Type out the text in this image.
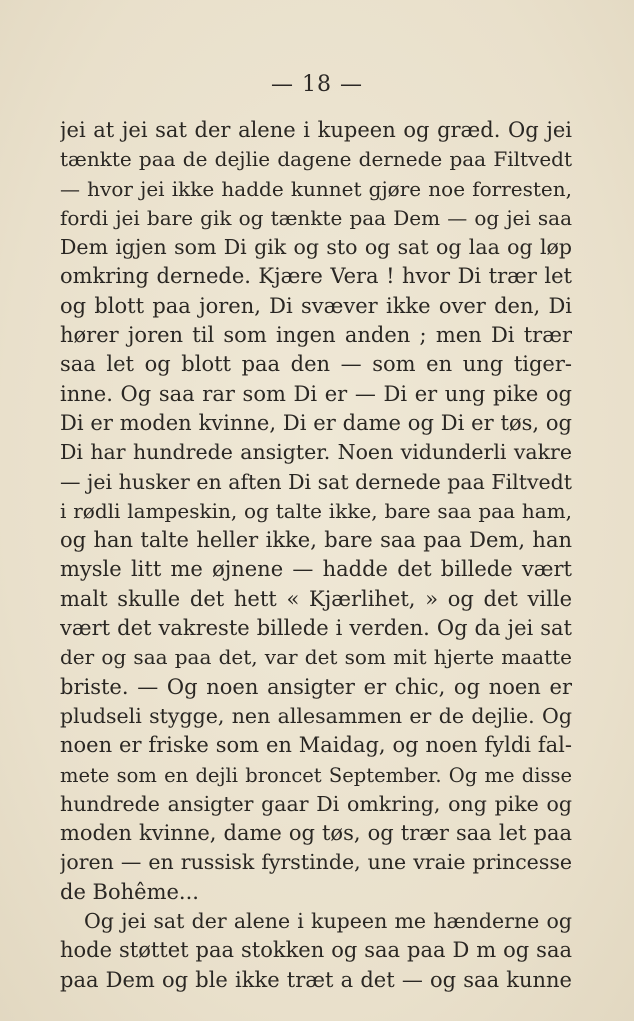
— 18 —
jei at jei sat der alene i kupeen og græd. Og jei
tænkte paa de dejlie dagene dernede paa Filtvedt
— hvor jei ikke hadde kunnet gjøre noe forresten,
fordi jei bare gik og tænkte paa Dem — og jei saa
Dem igjen som Di gik og sto og sat og laa og løp
omkring dernede. Kjære Vera ! hvor Di trær let
og blott paa joren, Di svæver ikke over den, Di
hører joren til som ingen anden ; men Di trær
saa let og blott paa den — som en ung tiger-
inne. Og saa rar som Di er — Di er ung pike og
Di er moden kvinne, Di er dame og Di er tøs, og
Di har hundrede ansigter. Noen vidunderli vakre
— jei husker en aften Di sat dernede paa Filtvedt
i rødli lampeskin, og talte ikke, bare saa paa ham,
og han talte heller ikke, bare saa paa Dem, han
mysle litt me øjnene — hadde det billede vært
malt skulle det hett « Kjærlihet, » og det ville
vært det vakreste billede i verden. Og da jei sat
der og saa paa det, var det som mit hjerte maatte
briste. — Og noen ansigter er chic, og noen er
pludseli stygge, nen allesammen er de dejlie. Og
noen er friske som en Maidag, og noen fyldi fal-
mete som en dejli broncet September. Og me disse
hundrede ansigter gaar Di omkring, ong pike og
moden kvinne, dame og tøs, og trær saa let paa
joren — en russisk fyrstinde, une vraie princesse
de Bohême...
Og jei sat der alene i kupeen me hænderne og
hode støttet paa stokken og saa paa D m og saa
paa Dem og ble ikke træt a det — og saa kunne
